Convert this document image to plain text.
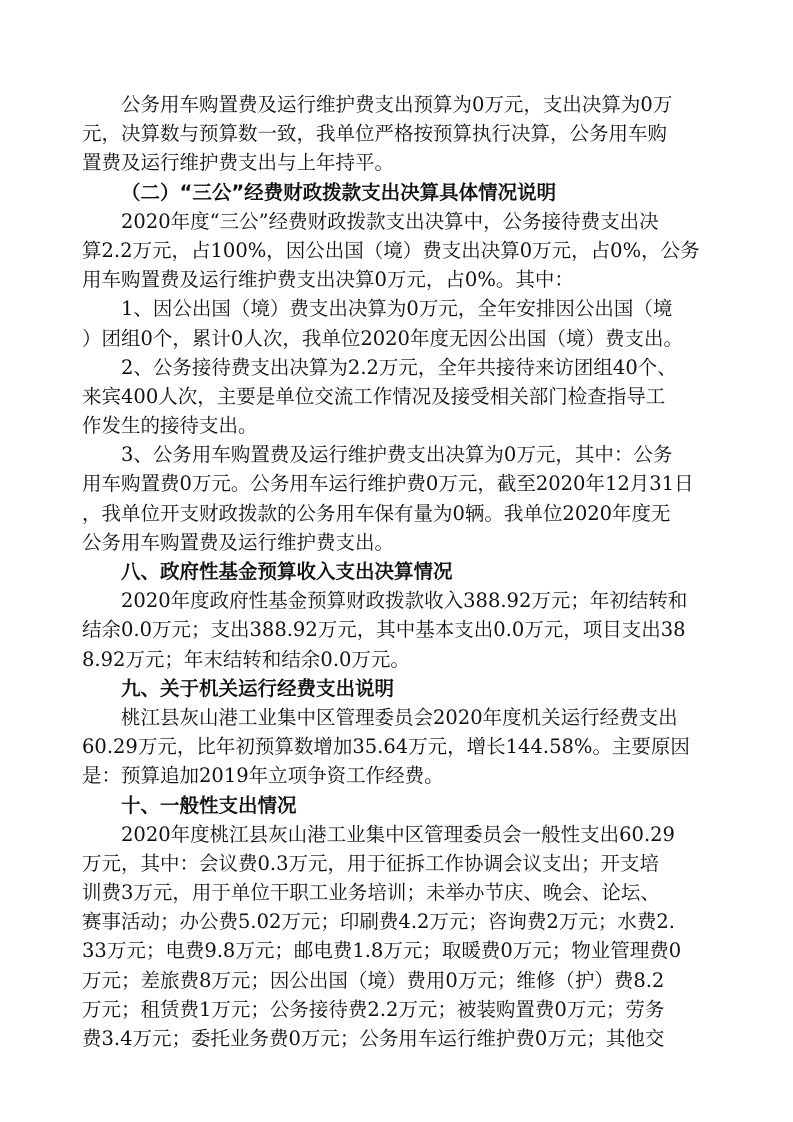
公务用车购置费及运行维护费支出预算为0万元，支出决算为0万
元，决算数与预算数一致，我单位严格按预算执行决算，公务用车购
置费及运行维护费支出与上年持平。
（二）“三公”经费财政拨款支出决算具体情况说明
2020年度“三公”经费财政拨款支出决算中，公务接待费支出决
算2.2万元，占100%，因公出国（境）费支出决算0万元，占0%，公务
用车购置费及运行维护费支出决算0万元，占0%。其中：
1、因公出国（境）费支出决算为0万元，全年安排因公出国（境
）团组0个，累计0人次，我单位2020年度无因公出国（境）费支出。
2、公务接待费支出决算为2.2万元，全年共接待来访团组40个、
来宾400人次，主要是单位交流工作情况及接受相关部门检查指导工
作发生的接待支出。
3、公务用车购置费及运行维护费支出决算为0万元，其中：公务
用车购置费0万元。公务用车运行维护费0万元，截至2020年12月31日
，我单位开支财政拨款的公务用车保有量为0辆。我单位2020年度无
公务用车购置费及运行维护费支出。
八、政府性基金预算收入支出决算情况
2020年度政府性基金预算财政拨款收入388.92万元；年初结转和
结余0.0万元；支出388.92万元，其中基本支出0.0万元，项目支出38
8.92万元；年末结转和结余0.0万元。
九、关于机关运行经费支出说明
桃江县灰山港工业集中区管理委员会2020年度机关运行经费支出
60.29万元，比年初预算数增加35.64万元，增长144.58%。主要原因
是：预算追加2019年立项争资工作经费。
十、一般性支出情况
2020年度桃江县灰山港工业集中区管理委员会一般性支出60.29
万元，其中：会议费0.3万元，用于征拆工作协调会议支出；开支培
训费3万元，用于单位干职工业务培训；未举办节庆、晚会、论坛、
赛事活动；办公费5.02万元；印刷费4.2万元；咨询费2万元；水费2.
33万元；电费9.8万元；邮电费1.8万元；取暖费0万元；物业管理费0
万元；差旅费8万元；因公出国（境）费用0万元；维修（护）费8.2
万元；租赁费1万元；公务接待费2.2万元；被装购置费0万元；劳务
费3.4万元；委托业务费0万元；公务用车运行维护费0万元；其他交
